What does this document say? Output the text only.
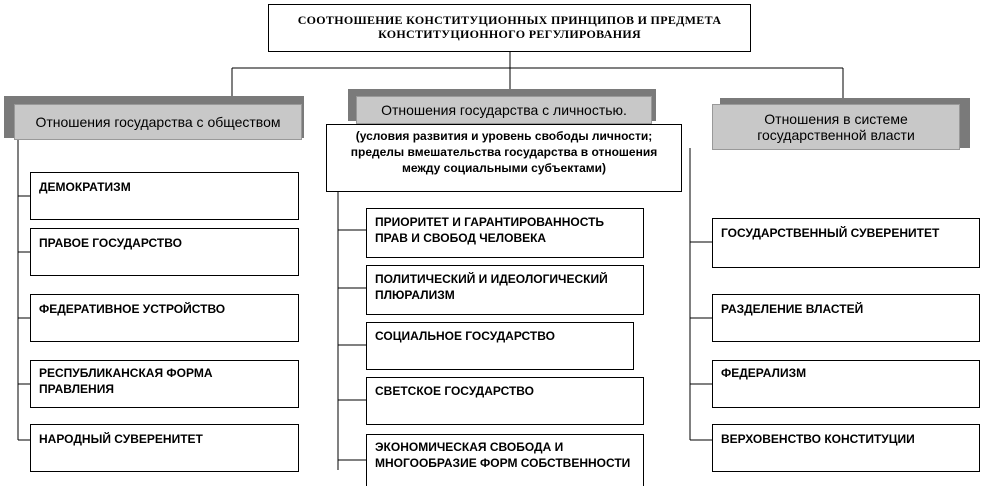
СООТНОШЕНИЕ КОНСТИТУЦИОННЫХ ПРИНЦИПОВ И ПРЕДМЕТА КОНСТИТУЦИОННОГО РЕГУЛИРОВАНИЯ
Отношения государства с обществом
Отношения государства с личностью.
(условия развития и уровень свободы личности; пределы вмешательства государства в отношения между социальными субъектами)
Отношения в системе государственной власти
ДЕМОКРАТИЗМ
ПРАВОЕ ГОСУДАРСТВО
ФЕДЕРАТИВНОЕ УСТРОЙСТВО
РЕСПУБЛИКАНСКАЯ ФОРМА ПРАВЛЕНИЯ
НАРОДНЫЙ СУВЕРЕНИТЕТ
ПРИОРИТЕТ И ГАРАНТИРОВАННОСТЬ ПРАВ И СВОБОД ЧЕЛОВЕКА
ПОЛИТИЧЕСКИЙ И ИДЕОЛОГИЧЕСКИЙ ПЛЮРАЛИЗМ
СОЦИАЛЬНОЕ ГОСУДАРСТВО
СВЕТСКОЕ ГОСУДАРСТВО
ЭКОНОМИЧЕСКАЯ СВОБОДА И МНОГООБРАЗИЕ ФОРМ СОБСТВЕННОСТИ
ГОСУДАРСТВЕННЫЙ СУВЕРЕНИТЕТ
РАЗДЕЛЕНИЕ ВЛАСТЕЙ
ФЕДЕРАЛИЗМ
ВЕРХОВЕНСТВО КОНСТИТУЦИИ
